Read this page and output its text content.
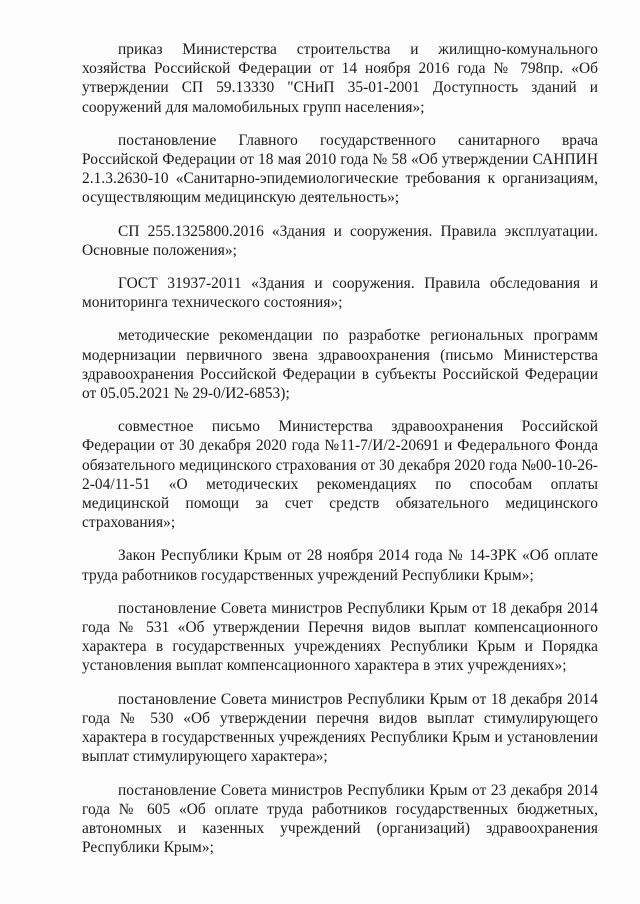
приказ Министерства строительства и жилищно-комунального хозяйства Российской Федерации от 14 ноября 2016 года № 798пр. «Об утверждении СП 59.13330 "СНиП 35-01-2001 Доступность зданий и сооружений для маломобильных групп населения»;

постановление Главного государственного санитарного врача Российской Федерации от 18 мая 2010 года № 58 «Об утверждении САНПИН 2.1.3.2630-10 «Санитарно-эпидемиологические требования к организациям, осуществляющим медицинскую деятельность»;

СП 255.1325800.2016 «Здания и сооружения. Правила эксплуатации. Основные положения»;

ГОСТ 31937-2011 «Здания и сооружения. Правила обследования и мониторинга технического состояния»;

методические рекомендации по разработке региональных программ модернизации первичного звена здравоохранения (письмо Министерства здравоохранения Российской Федерации в субъекты Российской Федерации от 05.05.2021 № 29-0/И2-6853);

совместное письмо Министерства здравоохранения Российской Федерации от 30 декабря 2020 года №11-7/И/2-20691 и Федерального Фонда обязательного медицинского страхования от 30 декабря 2020 года №00-10-26-2-04/11-51 «О методических рекомендациях по способам оплаты медицинской помощи за счет средств обязательного медицинского страхования»;

Закон Республики Крым от 28 ноября 2014 года № 14-ЗРК «Об оплате труда работников государственных учреждений Республики Крым»;

постановление Совета министров Республики Крым от 18 декабря 2014 года № 531 «Об утверждении Перечня видов выплат компенсационного характера в государственных учреждениях Республики Крым и Порядка установления выплат компенсационного характера в этих учреждениях»;

постановление Совета министров Республики Крым от 18 декабря 2014 года № 530 «Об утверждении перечня видов выплат стимулирующего характера в государственных учреждениях Республики Крым и установлении выплат стимулирующего характера»;

постановление Совета министров Республики Крым от 23 декабря 2014 года № 605 «Об оплате труда работников государственных бюджетных, автономных и казенных учреждений (организаций) здравоохранения Республики Крым»;
